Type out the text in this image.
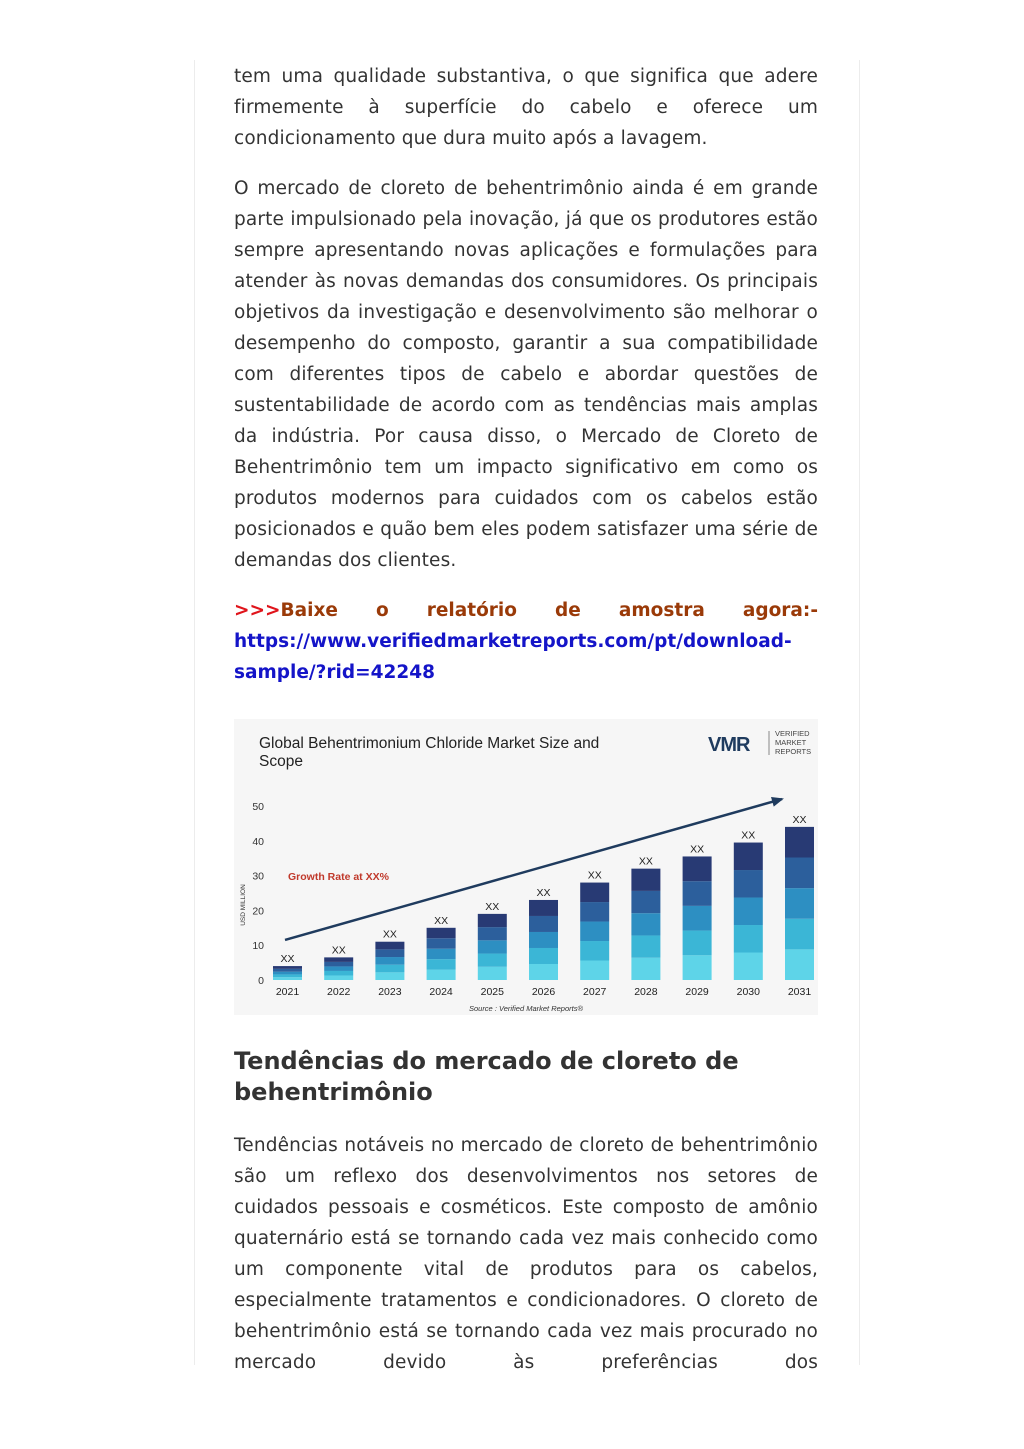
tem uma qualidade substantiva, o que significa que adere firmemente à superfície do cabelo e oferece um condicionamento que dura muito após a lavagem.

O mercado de cloreto de behentrimônio ainda é em grande parte impulsionado pela inovação, já que os produtores estão sempre apresentando novas aplicações e formulações para atender às novas demandas dos consumidores. Os principais objetivos da investigação e desenvolvimento são melhorar o desempenho do composto, garantir a sua compatibilidade com diferentes tipos de cabelo e abordar questões de sustentabilidade de acordo com as tendências mais amplas da indústria. Por causa disso, o Mercado de Cloreto de Behentrimônio tem um impacto significativo em como os produtos modernos para cuidados com os cabelos estão posicionados e quão bem eles podem satisfazer uma série de demandas dos clientes.

>>>Baixe o relatório de amostra agora:- https://www.verifiedmarketreports.com/pt/download-sample/?rid=42248

Global Behentrimonium Chloride Market Size and
Scope
VMR
VERIFIED
MARKET
REPORTS
0
10
20
30
40
50
USD MILLION
XX
2021
XX
2022
XX
2023
XX
2024
XX
2025
XX
2026
XX
2027
XX
2028
XX
2029
XX
2030
XX
2031
Growth Rate at XX%
Source : Verified Market Reports®
Tendências do mercado de cloreto de behentrimônio

Tendências notáveis no mercado de cloreto de behentrimônio são um reflexo dos desenvolvimentos nos setores de cuidados pessoais e cosméticos. Este composto de amônio quaternário está se tornando cada vez mais conhecido como um componente vital de produtos para os cabelos, especialmente tratamentos e condicionadores. O cloreto de behentrimônio está se tornando cada vez mais procurado no mercado devido às preferências dos
